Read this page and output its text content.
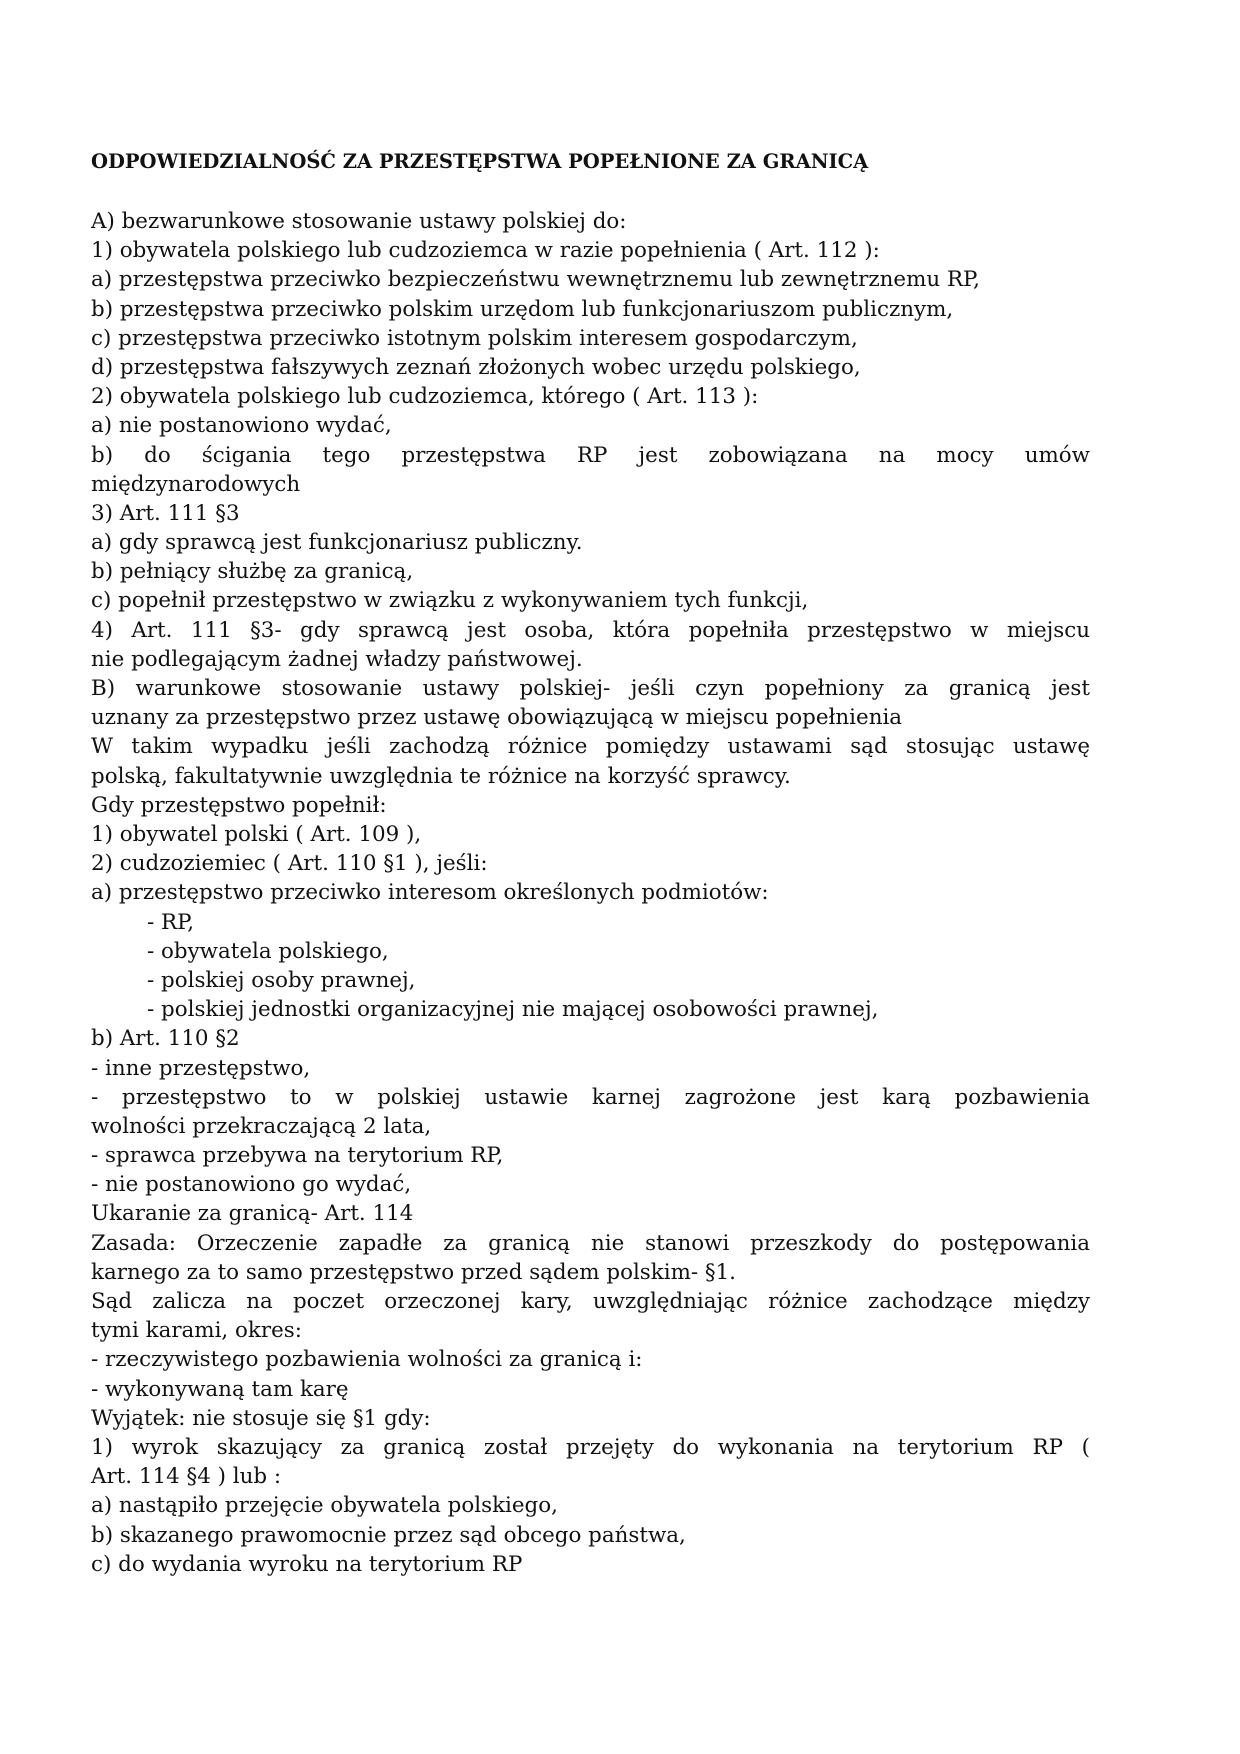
ODPOWIEDZIALNOŚĆ ZA PRZESTĘPSTWA POPEŁNIONE ZA GRANICĄ
A) bezwarunkowe stosowanie ustawy polskiej do:
1) obywatela polskiego lub cudzoziemca w razie popełnienia ( Art. 112 ):
a) przestępstwa przeciwko bezpieczeństwu wewnętrznemu lub zewnętrznemu RP,
b) przestępstwa przeciwko polskim urzędom lub funkcjonariuszom publicznym,
c) przestępstwa przeciwko istotnym polskim interesem gospodarczym,
d) przestępstwa fałszywych zeznań złożonych wobec urzędu polskiego,
2) obywatela polskiego lub cudzoziemca, którego ( Art. 113 ):
a) nie postanowiono wydać,
b) do ścigania tego przestępstwa RP jest zobowiązana na mocy umów
międzynarodowych
3) Art. 111 §3
a) gdy sprawcą jest funkcjonariusz publiczny.
b) pełniący służbę za granicą,
c) popełnił przestępstwo w związku z wykonywaniem tych funkcji,
4) Art. 111 §3- gdy sprawcą jest osoba, która popełniła przestępstwo w miejscu
nie podlegającym żadnej władzy państwowej.
B) warunkowe stosowanie ustawy polskiej- jeśli czyn popełniony za granicą jest
uznany za przestępstwo przez ustawę obowiązującą w miejscu popełnienia
W takim wypadku jeśli zachodzą różnice pomiędzy ustawami sąd stosując ustawę
polską, fakultatywnie uwzględnia te różnice na korzyść sprawcy.
Gdy przestępstwo popełnił:
1) obywatel polski ( Art. 109 ),
2) cudzoziemiec ( Art. 110 §1 ), jeśli:
a) przestępstwo przeciwko interesom określonych podmiotów:
- RP,
- obywatela polskiego,
- polskiej osoby prawnej,
- polskiej jednostki organizacyjnej nie mającej osobowości prawnej,
b) Art. 110 §2
- inne przestępstwo,
- przestępstwo to w polskiej ustawie karnej zagrożone jest karą pozbawienia
wolności przekraczającą 2 lata,
- sprawca przebywa na terytorium RP,
- nie postanowiono go wydać,
Ukaranie za granicą- Art. 114
Zasada: Orzeczenie zapadłe za granicą nie stanowi przeszkody do postępowania
karnego za to samo przestępstwo przed sądem polskim- §1.
Sąd zalicza na poczet orzeczonej kary, uwzględniając różnice zachodzące między
tymi karami, okres:
- rzeczywistego pozbawienia wolności za granicą i:
- wykonywaną tam karę
Wyjątek: nie stosuje się §1 gdy:
1) wyrok skazujący za granicą został przejęty do wykonania na terytorium RP (
Art. 114 §4 ) lub :
a) nastąpiło przejęcie obywatela polskiego,
b) skazanego prawomocnie przez sąd obcego państwa,
c) do wydania wyroku na terytorium RP
